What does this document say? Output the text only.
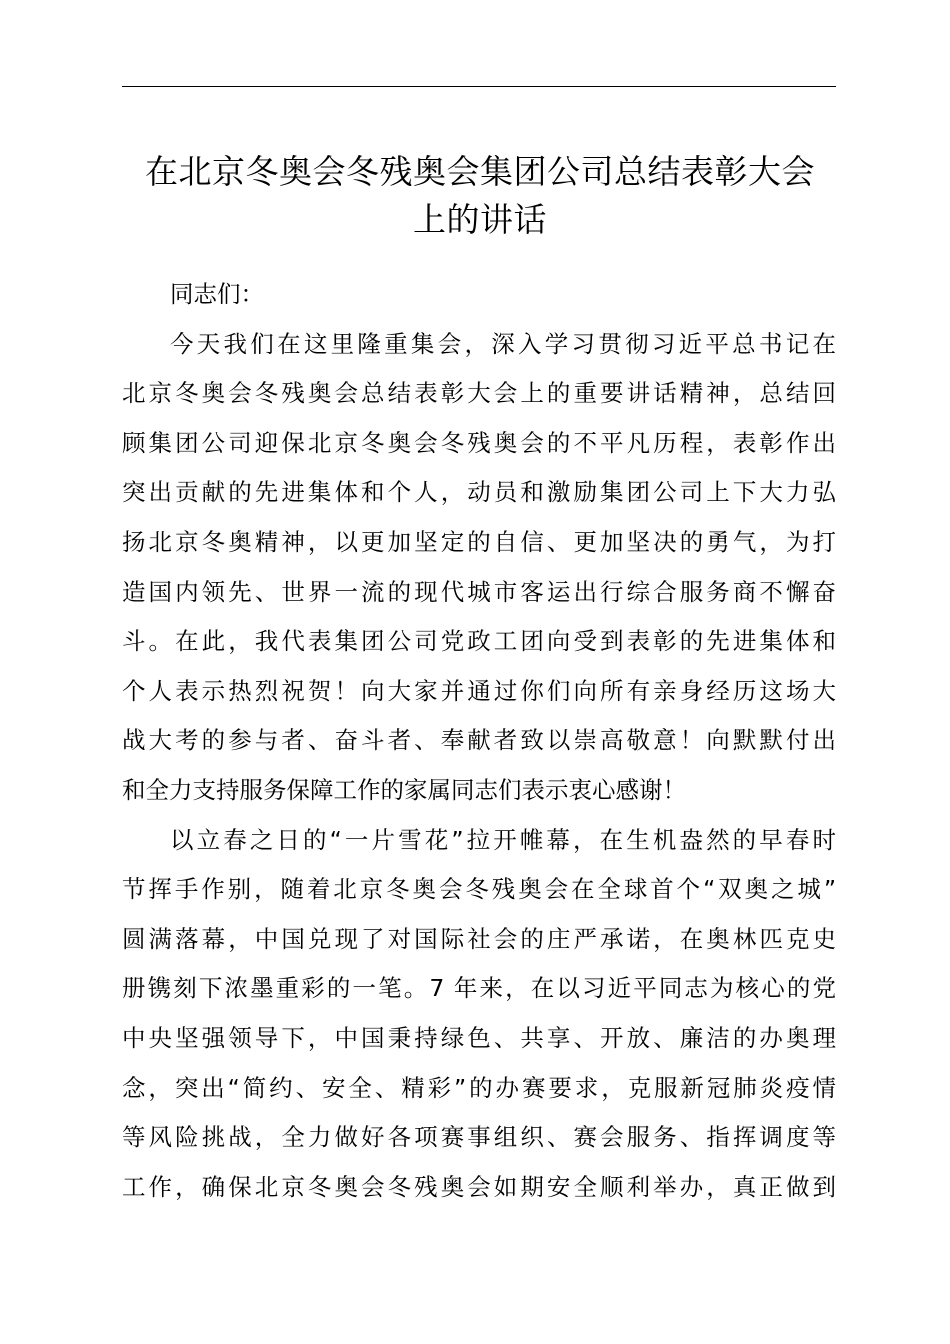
在北京冬奥会冬残奥会集团公司总结表彰大会
上的讲话
同志们：
今天我们在这里隆重集会，深入学习贯彻习近平总书记在
北京冬奥会冬残奥会总结表彰大会上的重要讲话精神，总结回
顾集团公司迎保北京冬奥会冬残奥会的不平凡历程，表彰作出
突出贡献的先进集体和个人，动员和激励集团公司上下大力弘
扬北京冬奥精神，以更加坚定的自信、更加坚决的勇气，为打
造国内领先、世界一流的现代城市客运出行综合服务商不懈奋
斗。在此，我代表集团公司党政工团向受到表彰的先进集体和
个人表示热烈祝贺！向大家并通过你们向所有亲身经历这场大
战大考的参与者、奋斗者、奉献者致以崇高敬意！向默默付出
和全力支持服务保障工作的家属同志们表示衷心感谢！
以立春之日的“一片雪花”拉开帷幕，在生机盎然的早春时
节挥手作别，随着北京冬奥会冬残奥会在全球首个“双奥之城”
圆满落幕，中国兑现了对国际社会的庄严承诺，在奥林匹克史
册镌刻下浓墨重彩的一笔。7 年来，在以习近平同志为核心的党
中央坚强领导下，中国秉持绿色、共享、开放、廉洁的办奥理
念，突出“简约、安全、精彩”的办赛要求，克服新冠肺炎疫情
等风险挑战，全力做好各项赛事组织、赛会服务、指挥调度等
工作，确保北京冬奥会冬残奥会如期安全顺利举办，真正做到
